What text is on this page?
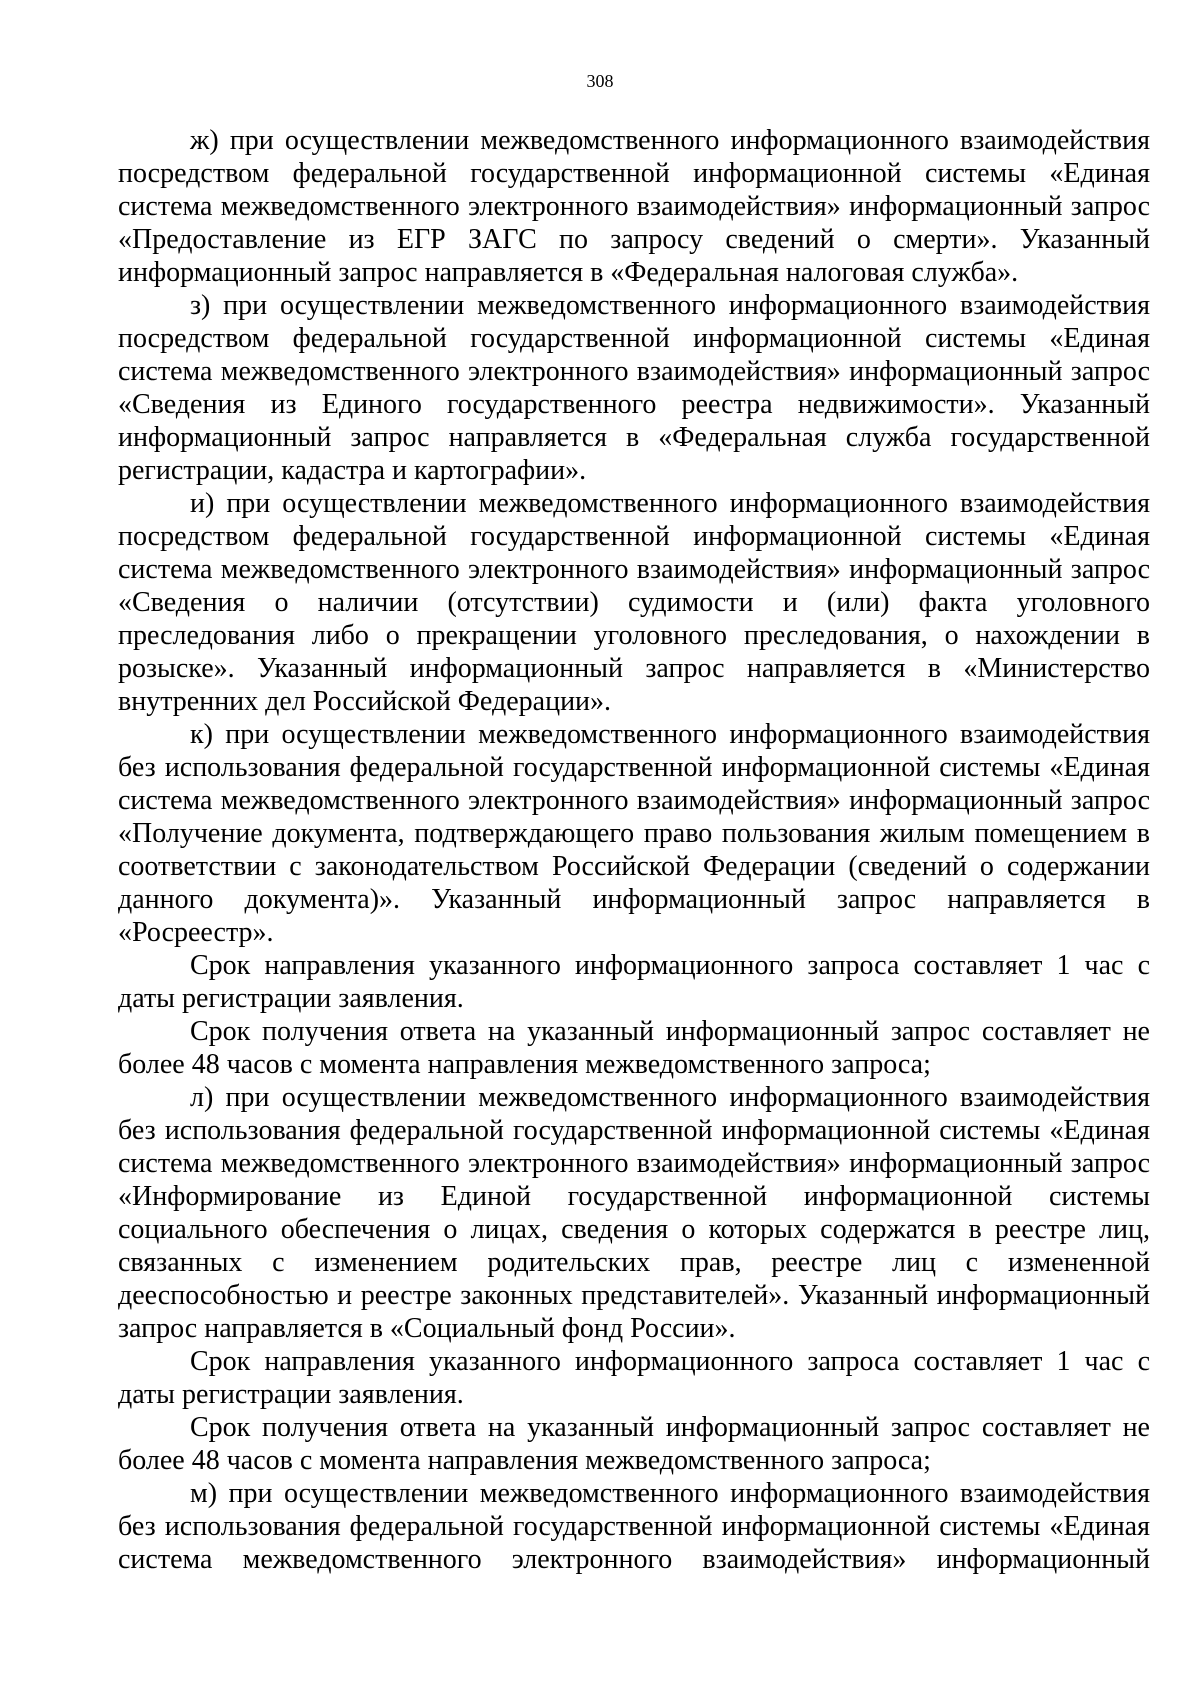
308

ж) при осуществлении межведомственного информационного взаимодействия посредством федеральной государственной информационной системы «Единая система межведомственного электронного взаимодействия» информационный запрос «Предоставление из ЕГР ЗАГС по запросу сведений о смерти». Указанный информационный запрос направляется в «Федеральная налоговая служба».

з) при осуществлении межведомственного информационного взаимодействия посредством федеральной государственной информационной системы «Единая система межведомственного электронного взаимодействия» информационный запрос «Сведения из Единого государственного реестра недвижимости». Указанный информационный запрос направляется в «Федеральная служба государственной регистрации, кадастра и картографии».

и) при осуществлении межведомственного информационного взаимодействия посредством федеральной государственной информационной системы «Единая система межведомственного электронного взаимодействия» информационный запрос «Сведения о наличии (отсутствии) судимости и (или) факта уголовного преследования либо о прекращении уголовного преследования, о нахождении в розыске». Указанный информационный запрос направляется в «Министерство внутренних дел Российской Федерации».

к) при осуществлении межведомственного информационного взаимодействия без использования федеральной государственной информационной системы «Единая система межведомственного электронного взаимодействия» информационный запрос «Получение документа, подтверждающего право пользования жилым помещением в соответствии с законодательством Российской Федерации (сведений о содержании данного документа)». Указанный информационный запрос направляется в «Росреестр».

Срок направления указанного информационного запроса составляет 1 час с даты регистрации заявления.

Срок получения ответа на указанный информационный запрос составляет не более 48 часов с момента направления межведомственного запроса;

л) при осуществлении межведомственного информационного взаимодействия без использования федеральной государственной информационной системы «Единая система межведомственного электронного взаимодействия» информационный запрос «Информирование из Единой государственной информационной системы социального обеспечения о лицах, сведения о которых содержатся в реестре лиц, связанных с изменением родительских прав, реестре лиц с измененной дееспособностью и реестре законных представителей». Указанный информационный запрос направляется в «Социальный фонд России».

Срок направления указанного информационного запроса составляет 1 час с даты регистрации заявления.

Срок получения ответа на указанный информационный запрос составляет не более 48 часов с момента направления межведомственного запроса;

м) при осуществлении межведомственного информационного взаимодействия без использования федеральной государственной информационной системы «Единая система межведомственного электронного взаимодействия» информационный
